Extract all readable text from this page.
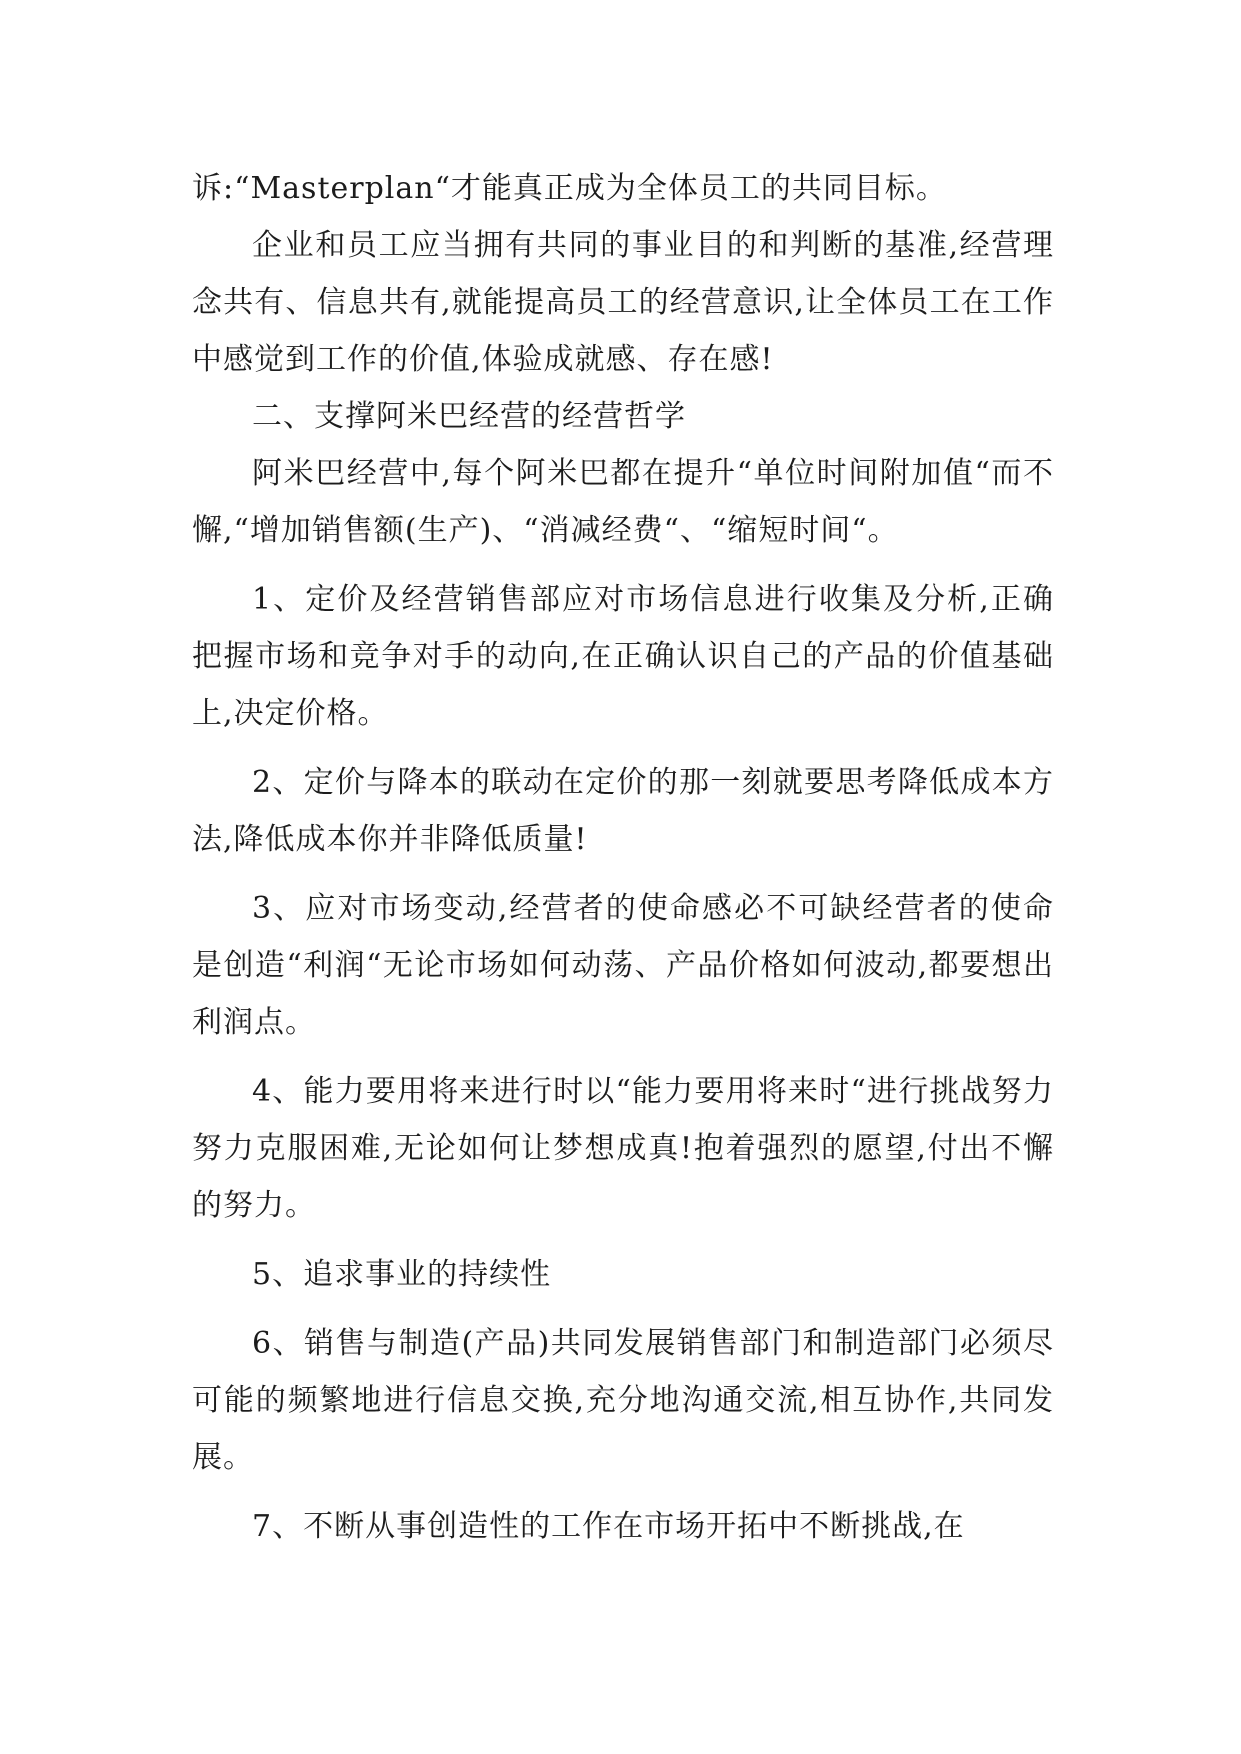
诉:“Masterplan“才能真正成为全体员工的共同目标。

企业和员工应当拥有共同的事业目的和判断的基准,经营理念共有、信息共有,就能提高员工的经营意识,让全体员工在工作中感觉到工作的价值,体验成就感、存在感!

二、支撑阿米巴经营的经营哲学

阿米巴经营中,每个阿米巴都在提升“单位时间附加值“而不懈,“增加销售额(生产)、“消减经费“、“缩短时间“。

1、定价及经营销售部应对市场信息进行收集及分析,正确把握市场和竞争对手的动向,在正确认识自己的产品的价值基础上,决定价格。

2、定价与降本的联动在定价的那一刻就要思考降低成本方法,降低成本你并非降低质量!

3、应对市场变动,经营者的使命感必不可缺经营者的使命是创造“利润“无论市场如何动荡、产品价格如何波动,都要想出利润点。

4、能力要用将来进行时以“能力要用将来时“进行挑战努力努力克服困难,无论如何让梦想成真!抱着强烈的愿望,付出不懈的努力。

5、追求事业的持续性

6、销售与制造(产品)共同发展销售部门和制造部门必须尽可能的频繁地进行信息交换,充分地沟通交流,相互协作,共同发展。

7、不断从事创造性的工作在市场开拓中不断挑战,在
